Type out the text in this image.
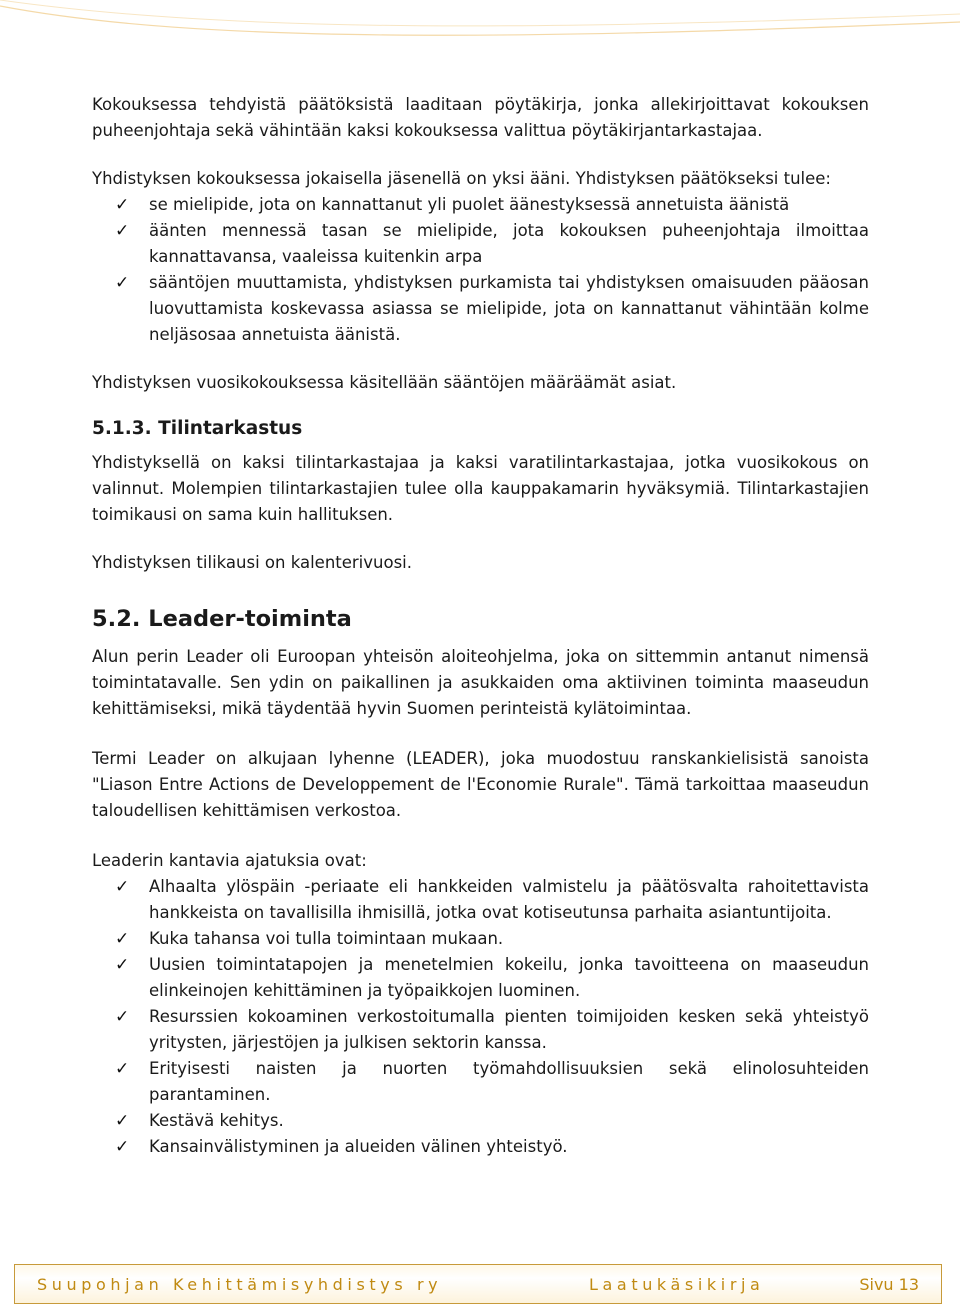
Kokouksessa tehdyistä päätöksistä laaditaan pöytäkirja, jonka allekirjoittavat kokouksen puheenjohtaja sekä vähintään kaksi kokouksessa valittua pöytäkirjantarkastajaa.

Yhdistyksen kokouksessa jokaisella jäsenellä on yksi ääni. Yhdistyksen päätökseksi tulee:

✓ se mielipide, jota on kannattanut yli puolet äänestyksessä annetuista äänistä
✓ äänten mennessä tasan se mielipide, jota kokouksen puheenjohtaja ilmoittaa kannattavansa, vaaleissa kuitenkin arpa
✓ sääntöjen muuttamista, yhdistyksen purkamista tai yhdistyksen omaisuuden pääosan luovuttamista koskevassa asiassa se mielipide, jota on kannattanut vähintään kolme neljäsosaa annetuista äänistä.

Yhdistyksen vuosikokouksessa käsitellään sääntöjen määräämät asiat.

5.1.3. Tilintarkastus

Yhdistyksellä on kaksi tilintarkastajaa ja kaksi varatilintarkastajaa, jotka vuosikokous on valinnut. Molempien tilintarkastajien tulee olla kauppakamarin hyväksymiä. Tilintarkastajien toimikausi on sama kuin hallituksen.

Yhdistyksen tilikausi on kalenterivuosi.

5.2. Leader-toiminta

Alun perin Leader oli Euroopan yhteisön aloiteohjelma, joka on sittemmin antanut nimensä toimintatavalle. Sen ydin on paikallinen ja asukkaiden oma aktiivinen toiminta maaseudun kehittämiseksi, mikä täydentää hyvin Suomen perinteistä kylätoimintaa.

Termi Leader on alkujaan lyhenne (LEADER), joka muodostuu ranskankielisistä sanoista "Liason Entre Actions de Developpement de l'Economie Rurale". Tämä tarkoittaa maaseudun taloudellisen kehittämisen verkostoa.

Leaderin kantavia ajatuksia ovat:

✓ Alhaalta ylöspäin -periaate eli hankkeiden valmistelu ja päätösvalta rahoitettavista hankkeista on tavallisilla ihmisillä, jotka ovat kotiseutunsa parhaita asiantuntijoita.
✓ Kuka tahansa voi tulla toimintaan mukaan.
✓ Uusien toimintatapojen ja menetelmien kokeilu, jonka tavoitteena on maaseudun elinkeinojen kehittäminen ja työpaikkojen luominen.
✓ Resurssien kokoaminen verkostoitumalla pienten toimijoiden kesken sekä yhteistyö yritysten, järjestöjen ja julkisen sektorin kanssa.
✓ Erityisesti naisten ja nuorten työmahdollisuuksien sekä elinolosuhteiden parantaminen.
✓ Kestävä kehitys.
✓ Kansainvälistyminen ja alueiden välinen yhteistyö.
Suupohjan Kehittämisyhdistys ry	Laatukäsikirja	Sivu 13
